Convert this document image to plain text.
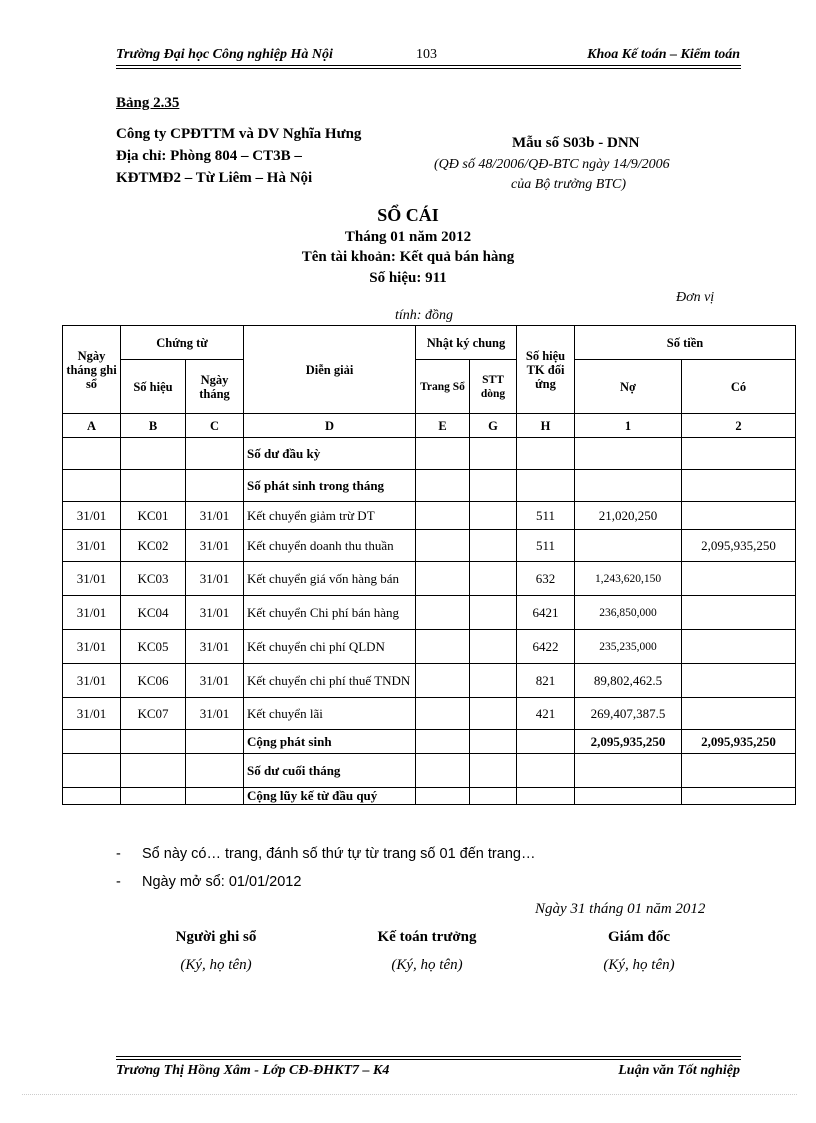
Trường Đại học Công nghiệp Hà Nội	103	Khoa Kế toán – Kiểm toán
Bảng 2.35
Công ty CPĐTTM và DV Nghĩa Hưng
Địa chỉ: Phòng 804 – CT3B –
KĐTMĐ2 – Từ Liêm – Hà Nội
Mẫu số S03b - DNN
(QĐ số 48/2006/QĐ-BTC ngày 14/9/2006
của Bộ trưởng BTC)
SỔ CÁI
Tháng 01 năm 2012
Tên tài khoản: Kết quả bán hàng
Số hiệu: 911
Đơn vị
tính: đồng
Ngày tháng ghi sổ	Chứng từ		Diễn giải	Nhật ký chung		Số hiệu TK đối ứng	Số tiền	
	Số hiệu	Ngày tháng		Trang Sổ	STT dòng		Nợ	Có
A	B	C	D	E	G	H	1	2
			Số dư đầu kỳ					
			Số phát sinh trong tháng					
31/01	KC01	31/01	Kết chuyển giảm trừ DT			511	21,020,250	
31/01	KC02	31/01	Kết chuyển doanh thu thuần			511		2,095,935,250
31/01	KC03	31/01	Kết chuyển giá vốn hàng bán			632	1,243,620,150	
31/01	KC04	31/01	Kết chuyển Chi phí bán hàng			6421	236,850,000	
31/01	KC05	31/01	Kết chuyển chi phí QLDN			6422	235,235,000	
31/01	KC06	31/01	Kết chuyển chi phí thuế TNDN			821	89,802,462.5	
31/01	KC07	31/01	Kết chuyển lãi			421	269,407,387.5	
			Cộng phát sinh				2,095,935,250	2,095,935,250
			Số dư cuối tháng					
			Cộng lũy kế từ đầu quý					
- Sổ này có… trang, đánh số thứ tự từ trang số 01 đến trang…
- Ngày mở sổ: 01/01/2012
Ngày 31 tháng 01 năm 2012
Người ghi sổ	Kế toán trưởng	Giám đốc
(Ký, họ tên)	(Ký, họ tên)	(Ký, họ tên)
Trương Thị Hồng Xâm - Lớp CĐ-ĐHKT7 – K4	Luận văn Tốt nghiệp
